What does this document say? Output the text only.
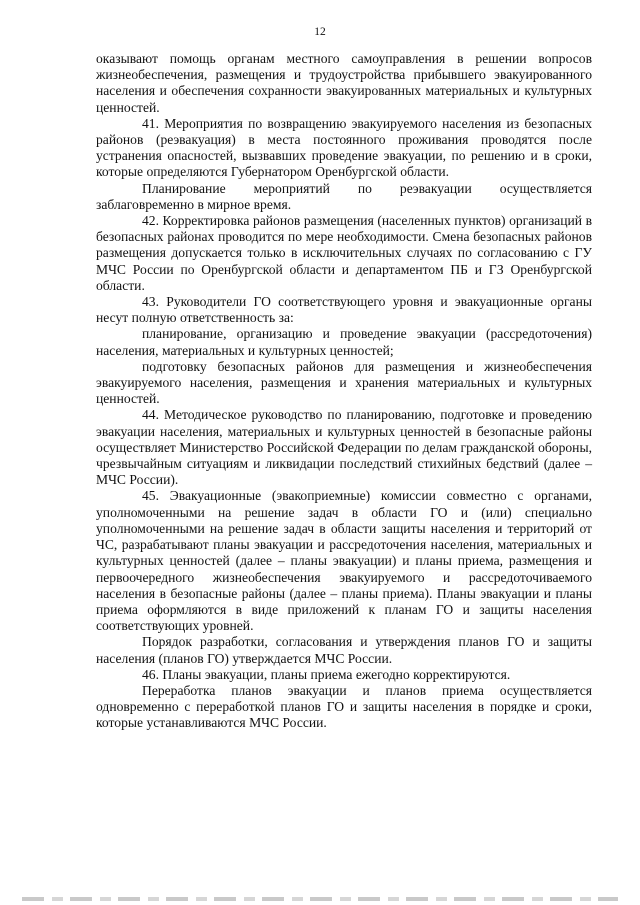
12

оказывают помощь органам местного самоуправления в решении вопросов жизнеобеспечения, размещения и трудоустройства прибывшего эвакуированного населения и обеспечения сохранности эвакуированных материальных и культурных ценностей.

41. Мероприятия по возвращению эвакуируемого населения из безопасных районов (реэвакуация) в места постоянного проживания проводятся после устранения опасностей, вызвавших проведение эвакуации, по решению и в сроки, которые определяются Губернатором Оренбургской области.

Планирование мероприятий по реэвакуации осуществляется заблаговременно в мирное время.

42. Корректировка районов размещения (населенных пунктов) организаций в безопасных районах проводится по мере необходимости. Смена безопасных районов размещения допускается только в исключительных случаях по согласованию с ГУ МЧС России по Оренбургской области и департаментом ПБ и ГЗ Оренбургской области.

43. Руководители ГО соответствующего уровня и эвакуационные органы несут полную ответственность за:

планирование, организацию и проведение эвакуации (рассредоточения) населения, материальных и культурных ценностей;

подготовку безопасных районов для размещения и жизнеобеспечения эвакуируемого населения, размещения и хранения материальных и культурных ценностей.

44. Методическое руководство по планированию, подготовке и проведению эвакуации населения, материальных и культурных ценностей в безопасные районы осуществляет Министерство Российской Федерации по делам гражданской обороны, чрезвычайным ситуациям и ликвидации последствий стихийных бедствий (далее – МЧС России).

45. Эвакуационные (эвакоприемные) комиссии совместно с органами, уполномоченными на решение задач в области ГО и (или) специально уполномоченными на решение задач в области защиты населения и территорий от ЧС, разрабатывают планы эвакуации и рассредоточения населения, материальных и культурных ценностей (далее – планы эвакуации) и планы приема, размещения и первоочередного жизнеобеспечения эвакуируемого и рассредоточиваемого населения в безопасные районы (далее – планы приема). Планы эвакуации и планы приема оформляются в виде приложений к планам ГО и защиты населения соответствующих уровней.

Порядок разработки, согласования и утверждения планов ГО и защиты населения (планов ГО) утверждается МЧС России.

46. Планы эвакуации, планы приема ежегодно корректируются.

Переработка планов эвакуации и планов приема осуществляется одновременно с переработкой планов ГО и защиты населения в порядке и сроки, которые устанавливаются МЧС России.
